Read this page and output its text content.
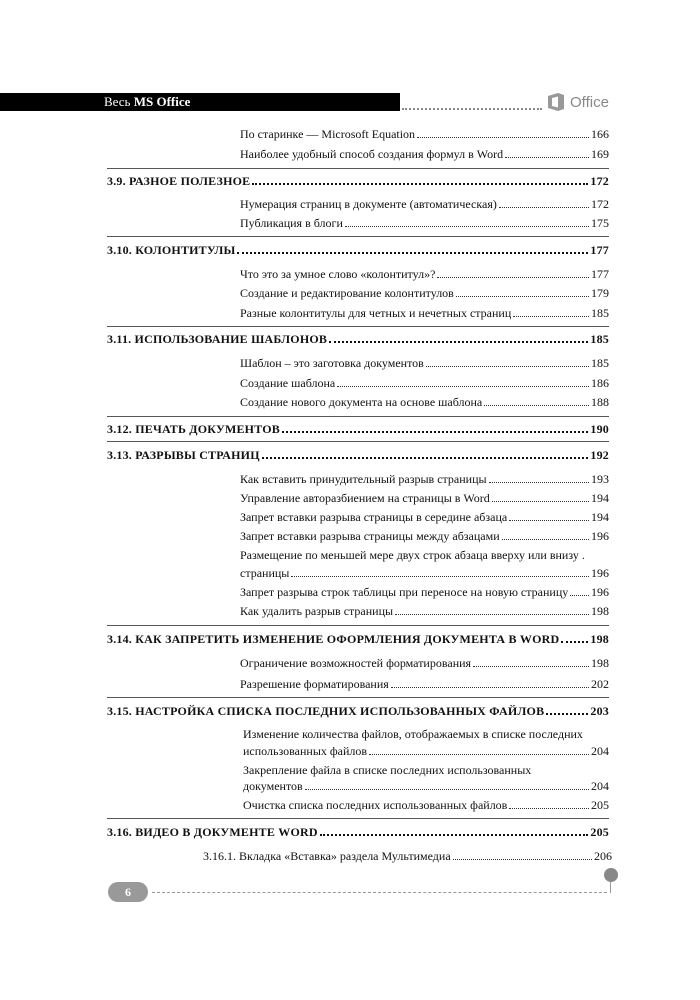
Весь MS Office	Office
По старинке — Microsoft Equation	166
Наиболее удобный способ создания формул в Word	169
3.9. РАЗНОЕ ПОЛЕЗНОЕ	172
Нумерация страниц в документе (автоматическая)	172
Публикация в блоги	175
3.10. КОЛОНТИТУЛЫ	177
Что это за умное слово «колонтитул»?	177
Создание и редактирование колонтитулов	179
Разные колонтитулы для четных и нечетных страниц	185
3.11. ИСПОЛЬЗОВАНИЕ ШАБЛОНОВ	185
Шаблон – это заготовка документов	185
Создание шаблона	186
Создание нового документа на основе шаблона	188
3.12. ПЕЧАТЬ ДОКУМЕНТОВ	190
3.13. РАЗРЫВЫ СТРАНИЦ	192
Как вставить принудительный разрыв страницы	193
Управление авторазбиением на страницы в Word	194
Запрет вставки разрыва страницы в середине абзаца	194
Запрет вставки разрыва страницы между абзацами	196
Размещение по меньшей мере двух строк абзаца вверху или внизу .
страницы	196
Запрет разрыва строк таблицы при переносе на новую страницу 196
Как удалить разрыв страницы	198
3.14. КАК ЗАПРЕТИТЬ ИЗМЕНЕНИЕ ОФОРМЛЕНИЯ ДОКУМЕНТА В WORD	198
Ограничение возможностей форматирования	198
Разрешение форматирования	202
3.15. НАСТРОЙКА СПИСКА ПОСЛЕДНИХ ИСПОЛЬЗОВАННЫХ ФАЙЛОВ	203
Изменение количества файлов, отображаемых в списке последних
использованных файлов	204
Закрепление файла в списке последних использованных
документов	204
Очистка списка последних использованных файлов	205
3.16. ВИДЕО В ДОКУМЕНТЕ WORD	205
3.16.1. Вкладка «Вставка» раздела Мультимедиа	206
6
